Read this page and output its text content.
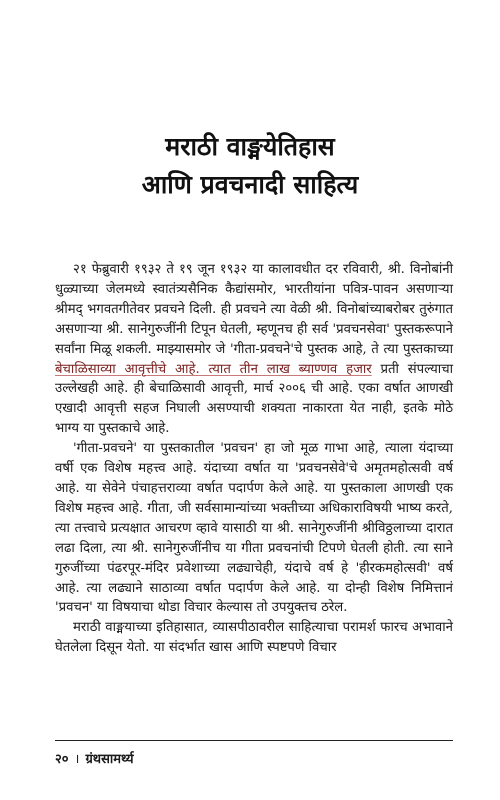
मराठी वाङ्मयेतिहास
आणि प्रवचनादी साहित्य

२१ फेब्रुवारी १९३२ ते १९ जून १९३२ या कालावधीत दर रविवारी, श्री. विनोबांनी धुळ्याच्या जेलमध्ये स्वातंत्र्यसैनिक कैद्यांसमोर, भारतीयांना पवित्र-पावन असणाऱ्या श्रीमद् भगवतगीतेवर प्रवचने दिली. ही प्रवचने त्या वेळी श्री. विनोबांच्याबरोबर तुरुंगात असणाऱ्या श्री. सानेगुरुजींनी टिपून घेतली, म्हणूनच ही सर्व 'प्रवचनसेवा' पुस्तकरूपाने सर्वांना मिळू शकली. माझ्यासमोर जे 'गीता-प्रवचने'चे पुस्तक आहे, ते त्या पुस्तकाच्या बेचाळिसाव्या आवृत्तीचे आहे. त्यात तीन लाख ब्याण्णव हजार प्रती संपल्याचा उल्लेखही आहे. ही बेचाळिसावी आवृत्ती, मार्च २००६ ची आहे. एका वर्षात आणखी एखादी आवृत्ती सहज निघाली असण्याची शक्यता नाकारता येत नाही, इतके मोठे भाग्य या पुस्तकाचे आहे.

'गीता-प्रवचने' या पुस्तकातील 'प्रवचन' हा जो मूळ गाभा आहे, त्याला यंदाच्या वर्षी एक विशेष महत्त्व आहे. यंदाच्या वर्षात या 'प्रवचनसेवे'चे अमृतमहोत्सवी वर्ष आहे. या सेवेने पंचाहत्तराव्या वर्षात पदार्पण केले आहे. या पुस्तकाला आणखी एक विशेष महत्त्व आहे. गीता, जी सर्वसामान्यांच्या भक्तीच्या अधिकाराविषयी भाष्य करते, त्या तत्त्वाचे प्रत्यक्षात आचरण व्हावे यासाठी या श्री. सानेगुरुजींनी श्रीविठ्ठलाच्या दारात लढा दिला, त्या श्री. सानेगुरुजींनीच या गीता प्रवचनांची टिपणे घेतली होती. त्या साने गुरुजींच्या पंढरपूर-मंदिर प्रवेशाच्या लढ्याचेही, यंदाचे वर्ष हे 'हीरकमहोत्सवी' वर्ष आहे. त्या लढ्याने साठाव्या वर्षात पदार्पण केले आहे. या दोन्ही विशेष निमित्तानं 'प्रवचन' या विषयाचा थोडा विचार केल्यास तो उपयुक्तच ठरेल.

मराठी वाङ्मयाच्या इतिहासात, व्यासपीठावरील साहित्याचा परामर्श फारच अभावाने घेतलेला दिसून येतो. या संदर्भात खास आणि स्पष्टपणे विचार

२० । ग्रंथसामर्थ्य
